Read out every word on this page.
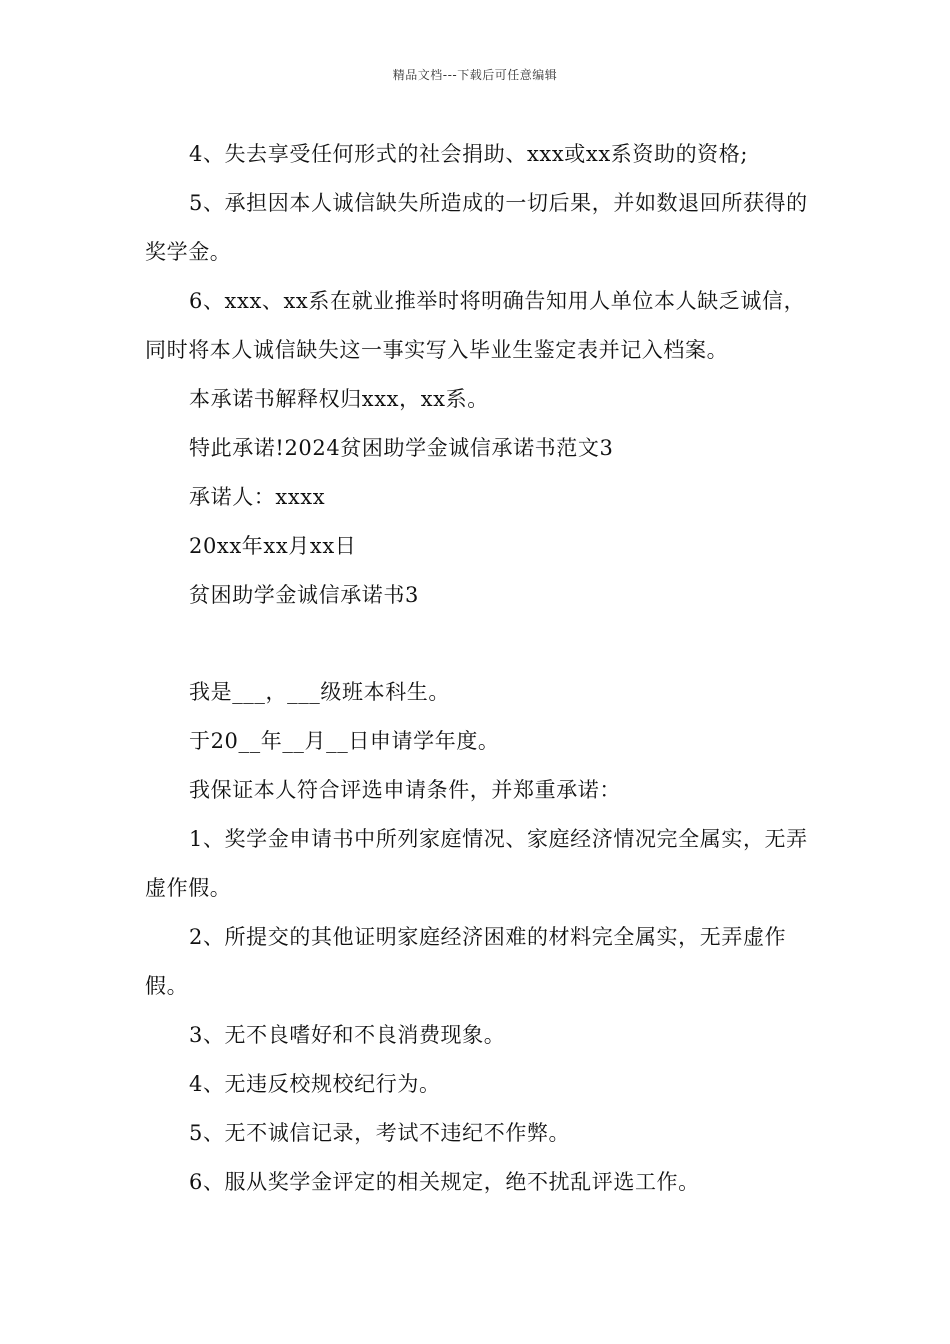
精品文档---下载后可任意编辑

4、失去享受任何形式的社会捐助、xxx或xx系资助的资格;

5、承担因本人诚信缺失所造成的一切后果，并如数退回所获得的奖学金。

6、xxx、xx系在就业推举时将明确告知用人单位本人缺乏诚信，同时将本人诚信缺失这一事实写入毕业生鉴定表并记入档案。

本承诺书解释权归xxx，xx系。

特此承诺!2024贫困助学金诚信承诺书范文3

承诺人：xxxx

20xx年xx月xx日

贫困助学金诚信承诺书3

我是___，___级班本科生。

于20__年__月__日申请学年度。

我保证本人符合评选申请条件，并郑重承诺：

1、奖学金申请书中所列家庭情况、家庭经济情况完全属实，无弄虚作假。

2、所提交的其他证明家庭经济困难的材料完全属实，无弄虚作假。

3、无不良嗜好和不良消费现象。

4、无违反校规校纪行为。

5、无不诚信记录，考试不违纪不作弊。

6、服从奖学金评定的相关规定，绝不扰乱评选工作。
